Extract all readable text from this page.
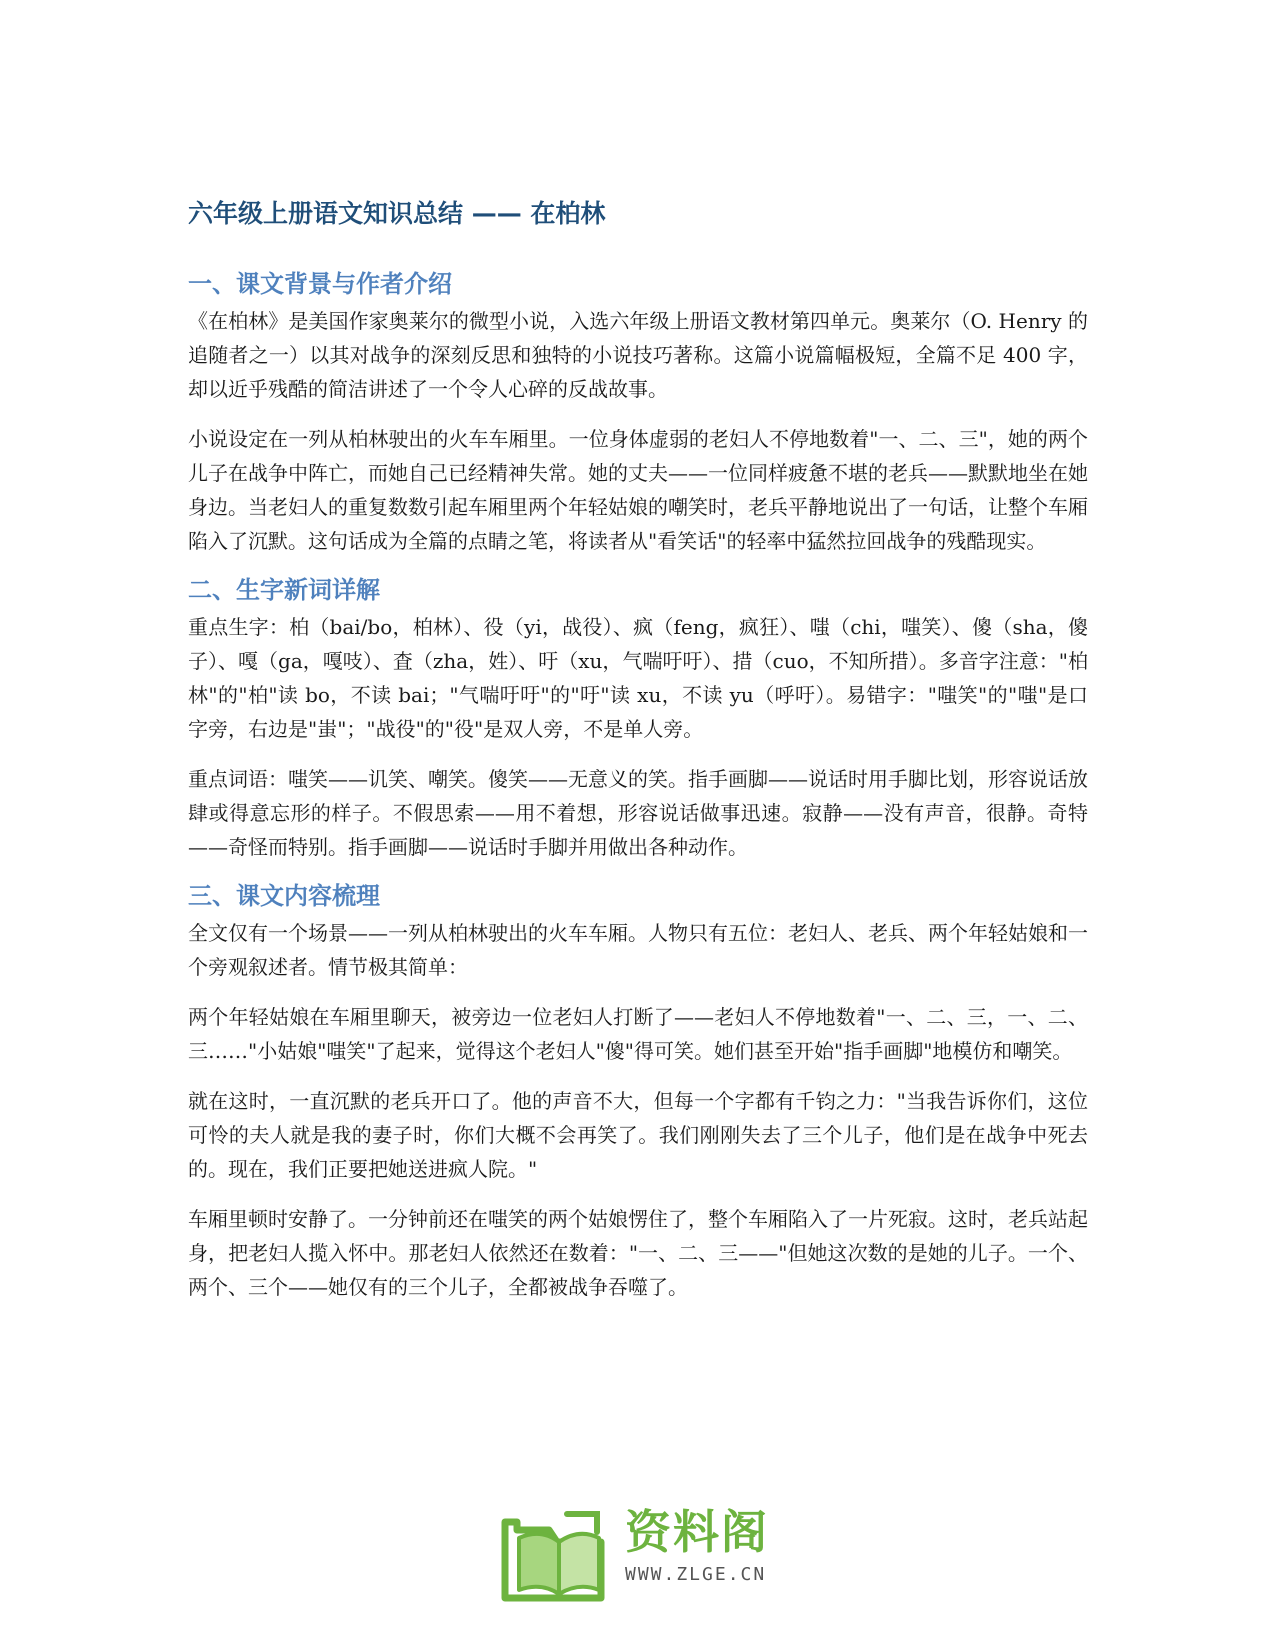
六年级上册语文知识总结 —— 在柏林
一、课文背景与作者介绍

《在柏林》是美国作家奥莱尔的微型小说，入选六年级上册语文教材第四单元。奥莱尔（O. Henry 的追随者之一）以其对战争的深刻反思和独特的小说技巧著称。这篇小说篇幅极短，全篇不足 400 字，却以近乎残酷的简洁讲述了一个令人心碎的反战故事。

小说设定在一列从柏林驶出的火车车厢里。一位身体虚弱的老妇人不停地数着"一、二、三"，她的两个儿子在战争中阵亡，而她自己已经精神失常。她的丈夫——一位同样疲惫不堪的老兵——默默地坐在她身边。当老妇人的重复数数引起车厢里两个年轻姑娘的嘲笑时，老兵平静地说出了一句话，让整个车厢陷入了沉默。这句话成为全篇的点睛之笔，将读者从"看笑话"的轻率中猛然拉回战争的残酷现实。

二、生字新词详解

重点生字：柏（bai/bo，柏林）、役（yi，战役）、疯（feng，疯狂）、嗤（chi，嗤笑）、傻（sha，傻子）、嘎（ga，嘎吱）、査（zha，姓）、吁（xu，气喘吁吁）、措（cuo，不知所措）。多音字注意："柏林"的"柏"读 bo，不读 bai；"气喘吁吁"的"吁"读 xu，不读 yu（呼吁）。易错字："嗤笑"的"嗤"是口字旁，右边是"蚩"；"战役"的"役"是双人旁，不是单人旁。

重点词语：嗤笑——讥笑、嘲笑。傻笑——无意义的笑。指手画脚——说话时用手脚比划，形容说话放肆或得意忘形的样子。不假思索——用不着想，形容说话做事迅速。寂静——没有声音，很静。奇特——奇怪而特别。指手画脚——说话时手脚并用做出各种动作。

三、课文内容梳理

全文仅有一个场景——一列从柏林驶出的火车车厢。人物只有五位：老妇人、老兵、两个年轻姑娘和一个旁观叙述者。情节极其简单：

两个年轻姑娘在车厢里聊天，被旁边一位老妇人打断了——老妇人不停地数着"一、二、三，一、二、三……"小姑娘"嗤笑"了起来，觉得这个老妇人"傻"得可笑。她们甚至开始"指手画脚"地模仿和嘲笑。

就在这时，一直沉默的老兵开口了。他的声音不大，但每一个字都有千钧之力："当我告诉你们，这位可怜的夫人就是我的妻子时，你们大概不会再笑了。我们刚刚失去了三个儿子，他们是在战争中死去的。现在，我们正要把她送进疯人院。"

车厢里顿时安静了。一分钟前还在嗤笑的两个姑娘愣住了，整个车厢陷入了一片死寂。这时，老兵站起身，把老妇人揽入怀中。那老妇人依然还在数着："一、二、三——"但她这次数的是她的儿子。一个、两个、三个——她仅有的三个儿子，全都被战争吞噬了。

资料阁
WWW.ZLGE.CN
